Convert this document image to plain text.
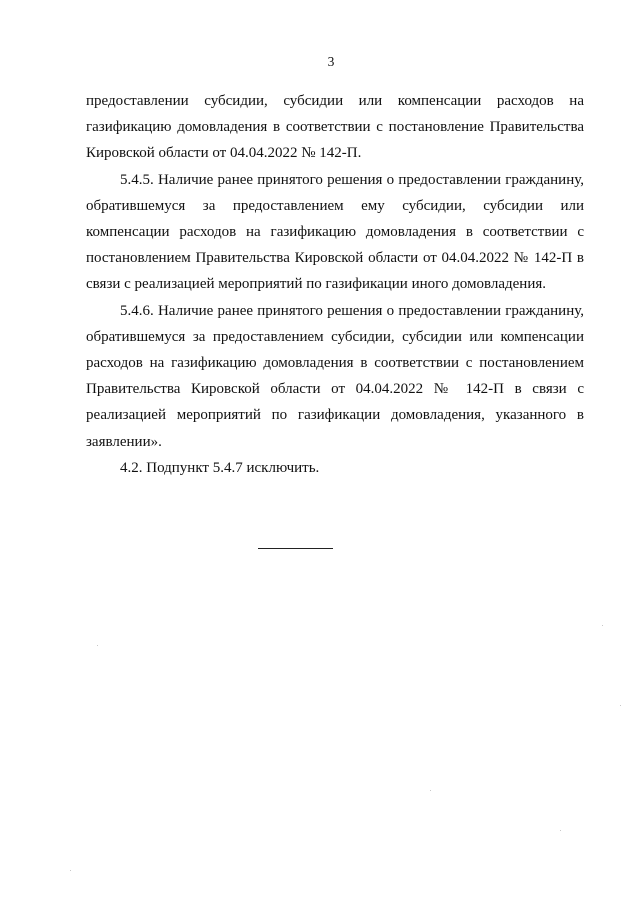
3

предоставлении субсидии, субсидии или компенсации расходов на
газификацию домовладения в соответствии с постановление Правительства
Кировской области от 04.04.2022 № 142-П.

5.4.5. Наличие ранее принятого решения о предоставлении гражданину,
обратившемуся за предоставлением ему субсидии, субсидии или
компенсации расходов на газификацию домовладения в соответствии с
постановлением Правительства Кировской области от 04.04.2022 № 142-П в
связи с реализацией мероприятий по газификации иного домовладения.

5.4.6. Наличие ранее принятого решения о предоставлении гражданину,
обратившемуся за предоставлением субсидии, субсидии или компенсации
расходов на газификацию домовладения в соответствии с постановлением
Правительства Кировской области от 04.04.2022 № 142-П в связи с
реализацией мероприятий по газификации домовладения, указанного в
заявлении».

4.2. Подпункт 5.4.7 исключить.
